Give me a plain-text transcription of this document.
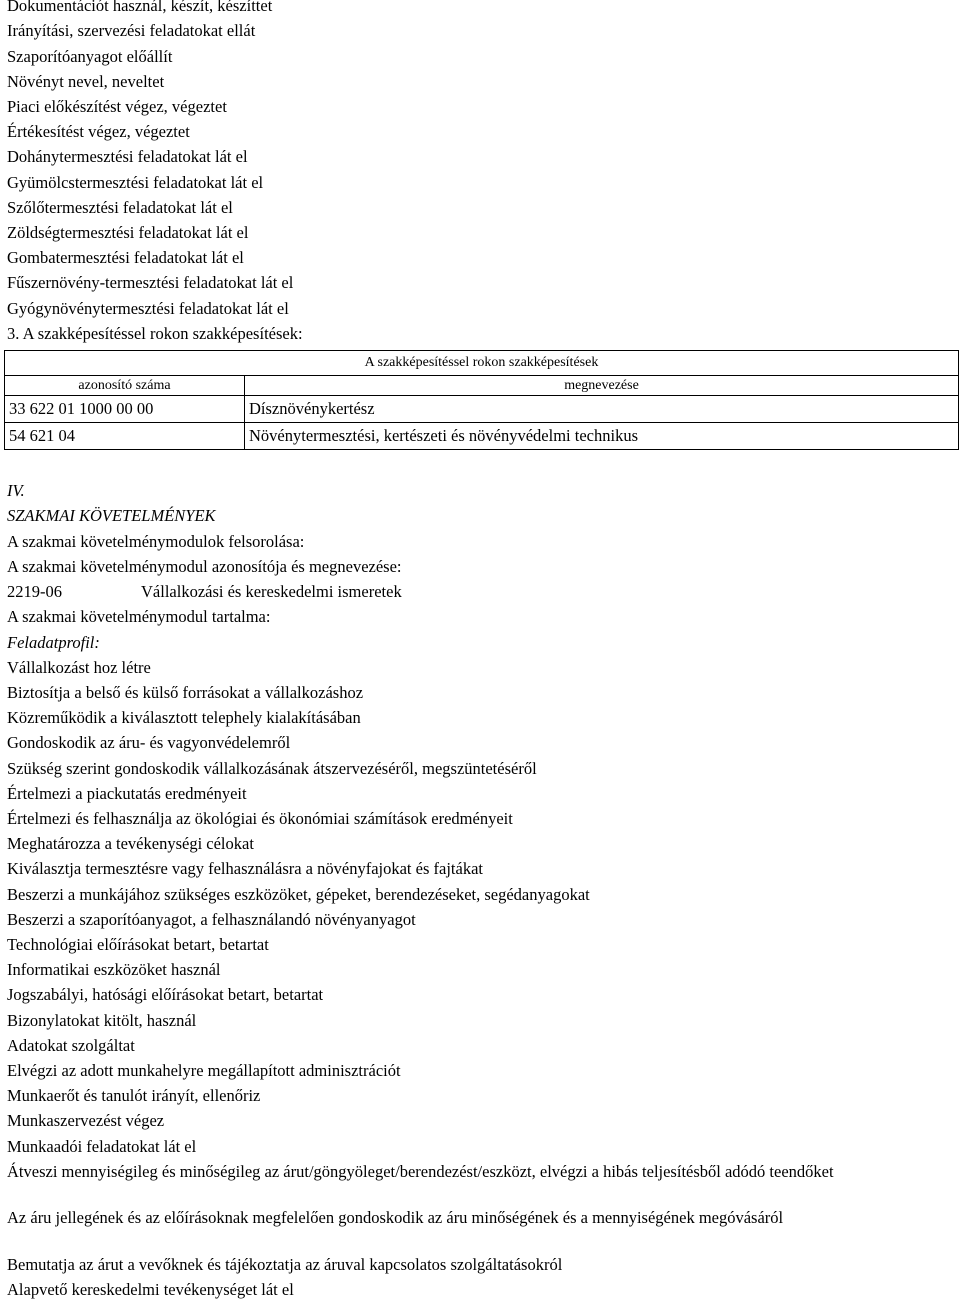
Dokumentációt használ, készít, készíttet
Irányítási, szervezési feladatokat ellát
Szaporítóanyagot előállít
Növényt nevel, neveltet
Piaci előkészítést végez, végeztet
Értékesítést végez, végeztet
Dohánytermesztési feladatokat lát el
Gyümölcstermesztési feladatokat lát el
Szőlőtermesztési feladatokat lát el
Zöldségtermesztési feladatokat lát el
Gombatermesztési feladatokat lát el
Fűszernövény-termesztési feladatokat lát el
Gyógynövénytermesztési feladatokat lát el
3. A szakképesítéssel rokon szakképesítések:
A szakképesítéssel rokon szakképesítések	
azonosító száma	megnevezése
33 622 01 1000 00 00	Dísznövénykertész
54 621 04	Növénytermesztési, kertészeti és növényvédelmi technikus
IV.
SZAKMAI KÖVETELMÉNYEK
A szakmai követelménymodulok felsorolása:
A szakmai követelménymodul azonosítója és megnevezése:
2219-06	Vállalkozási és kereskedelmi ismeretek
A szakmai követelménymodul tartalma:
Feladatprofil:
Vállalkozást hoz létre
Biztosítja a belső és külső forrásokat a vállalkozáshoz
Közreműködik a kiválasztott telephely kialakításában
Gondoskodik az áru- és vagyonvédelemről
Szükség szerint gondoskodik vállalkozásának átszervezéséről, megszüntetéséről
Értelmezi a piackutatás eredményeit
Értelmezi és felhasználja az ökológiai és ökonómiai számítások eredményeit
Meghatározza a tevékenységi célokat
Kiválasztja termesztésre vagy felhasználásra a növényfajokat és fajtákat
Beszerzi a munkájához szükséges eszközöket, gépeket, berendezéseket, segédanyagokat
Beszerzi a szaporítóanyagot, a felhasználandó növényanyagot
Technológiai előírásokat betart, betartat
Informatikai eszközöket használ
Jogszabályi, hatósági előírásokat betart, betartat
Bizonylatokat kitölt, használ
Adatokat szolgáltat
Elvégzi az adott munkahelyre megállapított adminisztrációt
Munkaerőt és tanulót irányít, ellenőriz
Munkaszervezést végez
Munkaadói feladatokat lát el
Átveszi mennyiségileg és minőségileg az árut/göngyöleget/berendezést/eszközt, elvégzi a hibás teljesítésből adódó teendőket
Az áru jellegének és az előírásoknak megfelelően gondoskodik az áru minőségének és a mennyiségének megóvásáról
Bemutatja az árut a vevőknek és tájékoztatja az áruval kapcsolatos szolgáltatásokról
Alapvető kereskedelmi tevékenységet lát el
